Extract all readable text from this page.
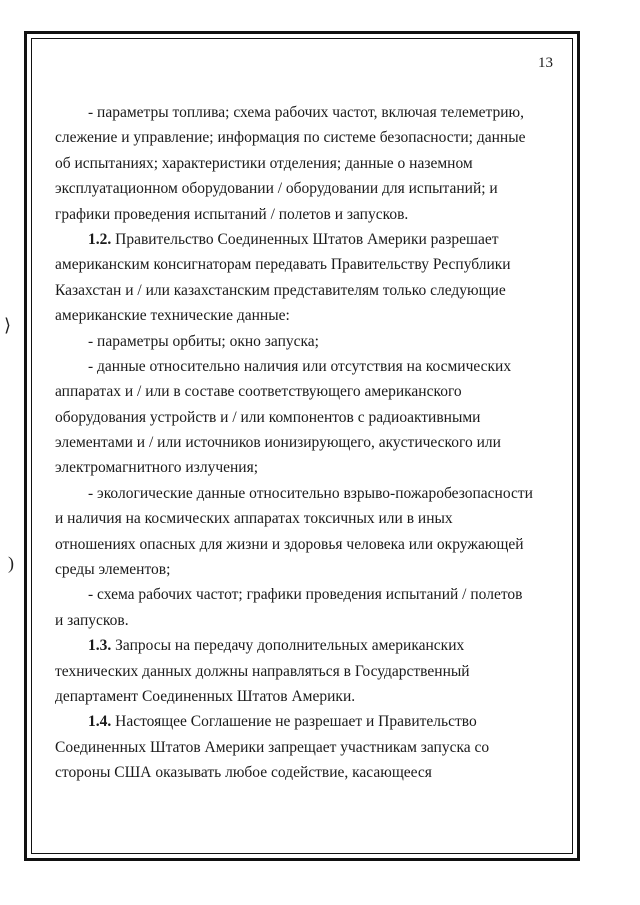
13
⟩
)
- параметры топлива; схема рабочих частот, включая телеметрию,
слежение и управление; информация по системе безопасности; данные
об испытаниях; характеристики отделения; данные о наземном
эксплуатационном оборудовании / оборудовании для испытаний; и
графики проведения испытаний / полетов и запусков.
1.2. Правительство Соединенных Штатов Америки разрешает
американским консигнаторам передавать Правительству Республики
Казахстан и / или казахстанским представителям только следующие
американские технические данные:
- параметры орбиты; окно запуска;
- данные относительно наличия или отсутствия на космических
аппаратах и / или в составе соответствующего американского
оборудования устройств и / или компонентов с радиоактивными
элементами и / или источников ионизирующего, акустического или
электромагнитного излучения;
- экологические данные относительно взрыво-пожаробезопасности
и наличия на космических аппаратах токсичных или в иных
отношениях опасных для жизни и здоровья человека или окружающей
среды элементов;
- схема рабочих частот; графики проведения испытаний / полетов
и запусков.
1.3. Запросы на передачу дополнительных американских
технических данных должны направляться в Государственный
департамент Соединенных Штатов Америки.
1.4. Настоящее Соглашение не разрешает и Правительство
Соединенных Штатов Америки запрещает участникам запуска со
стороны США оказывать любое содействие, касающееся
